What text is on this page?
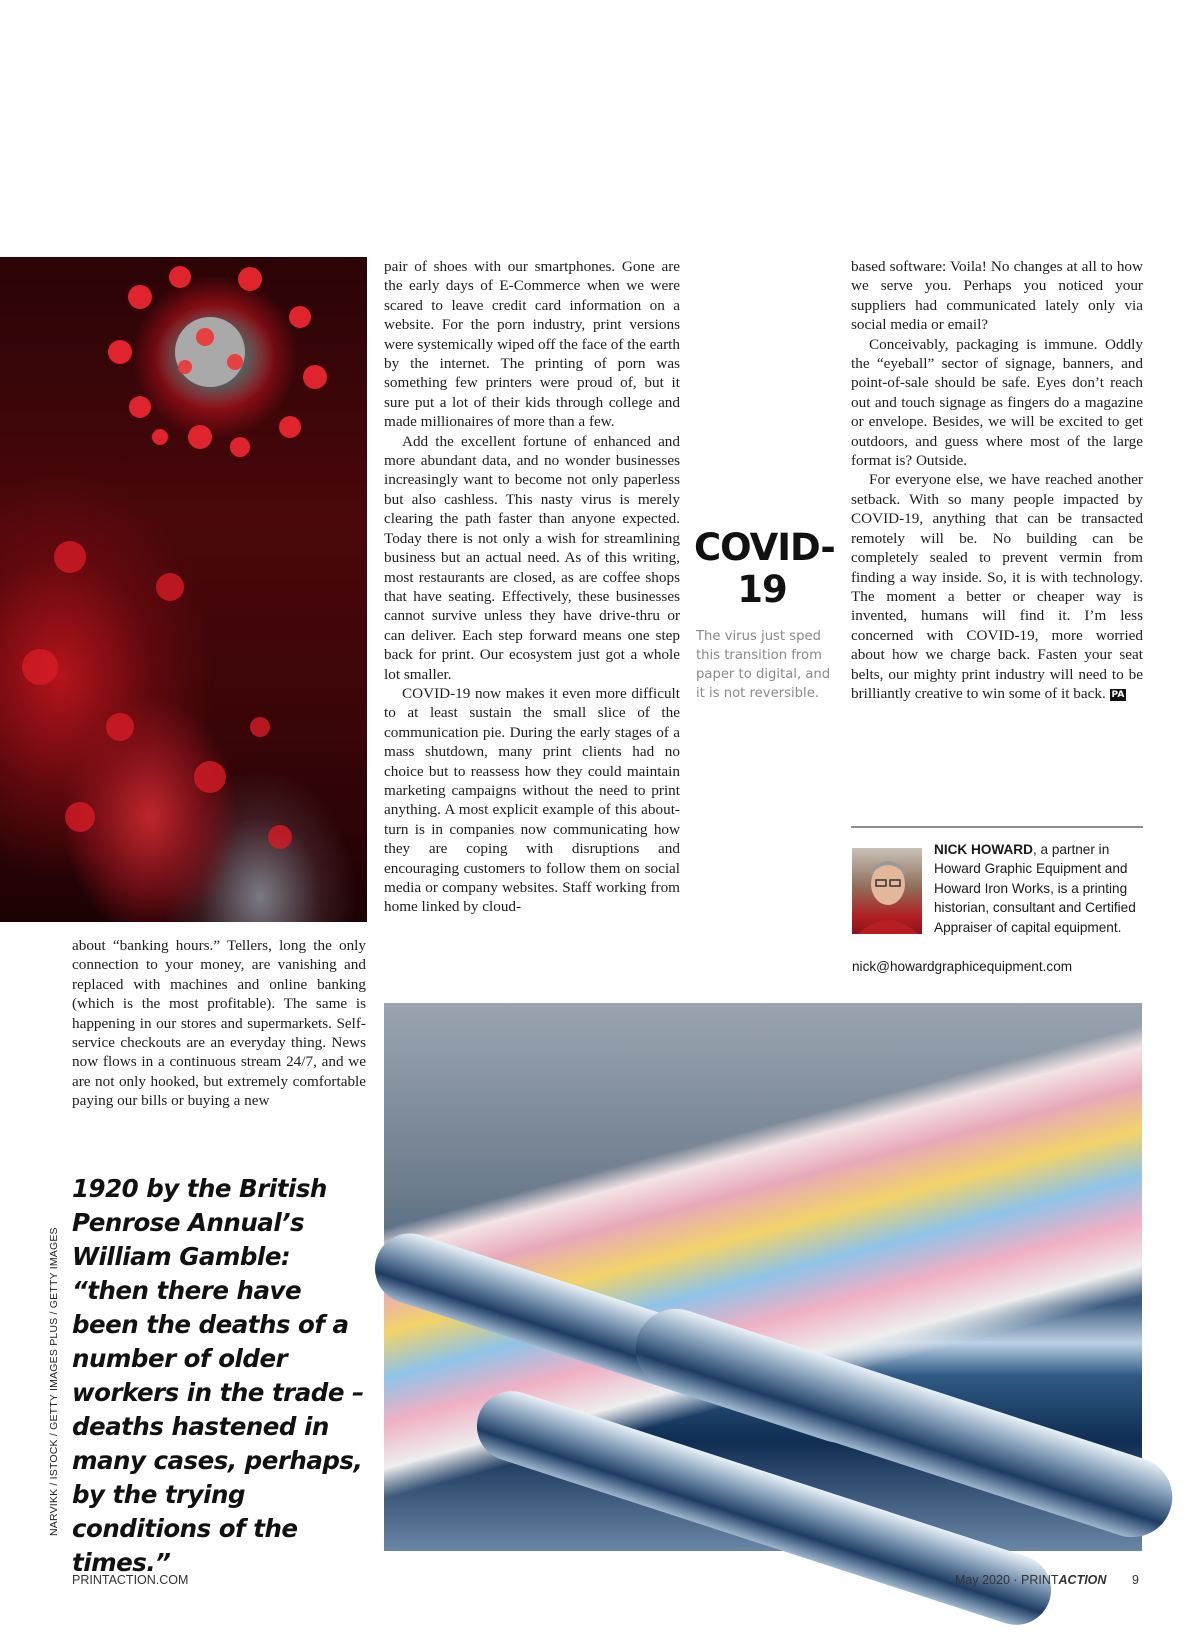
pair of shoes with our smartphones. Gone are the early days of E-Commerce when we were scared to leave credit card information on a website. For the porn industry, print versions were systemically wiped off the face of the earth by the internet. The printing of porn was something few printers were proud of, but it sure put a lot of their kids through college and made millionaires of more than a few.

Add the excellent fortune of enhanced and more abundant data, and no wonder businesses increasingly want to become not only paperless but also cashless. This nasty virus is merely clearing the path faster than anyone expected. Today there is not only a wish for streamlining business but an actual need. As of this writing, most restaurants are closed, as are coffee shops that have seating. Effectively, these businesses cannot survive unless they have drive-thru or can deliver. Each step forward means one step back for print. Our ecosystem just got a whole lot smaller.

COVID-19 now makes it even more difficult to at least sustain the small slice of the communication pie. During the early stages of a mass shutdown, many print clients had no choice but to reassess how they could maintain marketing campaigns without the need to print anything. A most explicit example of this about-turn is in companies now communicating how they are coping with disruptions and encouraging customers to follow them on social media or company websites. Staff working from home linked by cloud-

about “banking hours.” Tellers, long the only connection to your money, are vanishing and replaced with machines and online banking (which is the most profitable). The same is happening in our stores and supermarkets. Self-service checkouts are an everyday thing. News now flows in a continuous stream 24/7, and we are not only hooked, but extremely comfortable paying our bills or buying a new

COVID-19
The virus just sped this transition from paper to digital, and it is not reversible.

based software: Voila! No changes at all to how we serve you. Perhaps you noticed your suppliers had communicated lately only via social media or email?

Conceivably, packaging is immune. Oddly the “eyeball” sector of signage, banners, and point-of-sale should be safe. Eyes don’t reach out and touch signage as fingers do a magazine or envelope. Besides, we will be excited to get outdoors, and guess where most of the large format is? Outside.

For everyone else, we have reached another setback. With so many people impacted by COVID-19, anything that can be transacted remotely will be. No building can be completely sealed to prevent vermin from finding a way inside. So, it is with technology. The moment a better or cheaper way is invented, humans will find it. I’m less concerned with COVID-19, more worried about how we charge back. Fasten your seat belts, our mighty print industry will need to be brilliantly creative to win some of it back. PA

NICK HOWARD, a partner in Howard Graphic Equipment and Howard Iron Works, is a printing historian, consultant and Certified Appraiser of capital equipment.
nick@howardgraphicequipment.com
1920 by the British Penrose Annual’s William Gamble: “then there have been the deaths of a number of older workers in the trade – deaths hastened in many cases, perhaps, by the trying conditions of the times.”
NARVIKK / ISTOCK / GETTY IMAGES PLUS / GETTY IMAGES
PRINTACTION.COM	May 2020 · PRINTACTION 9
